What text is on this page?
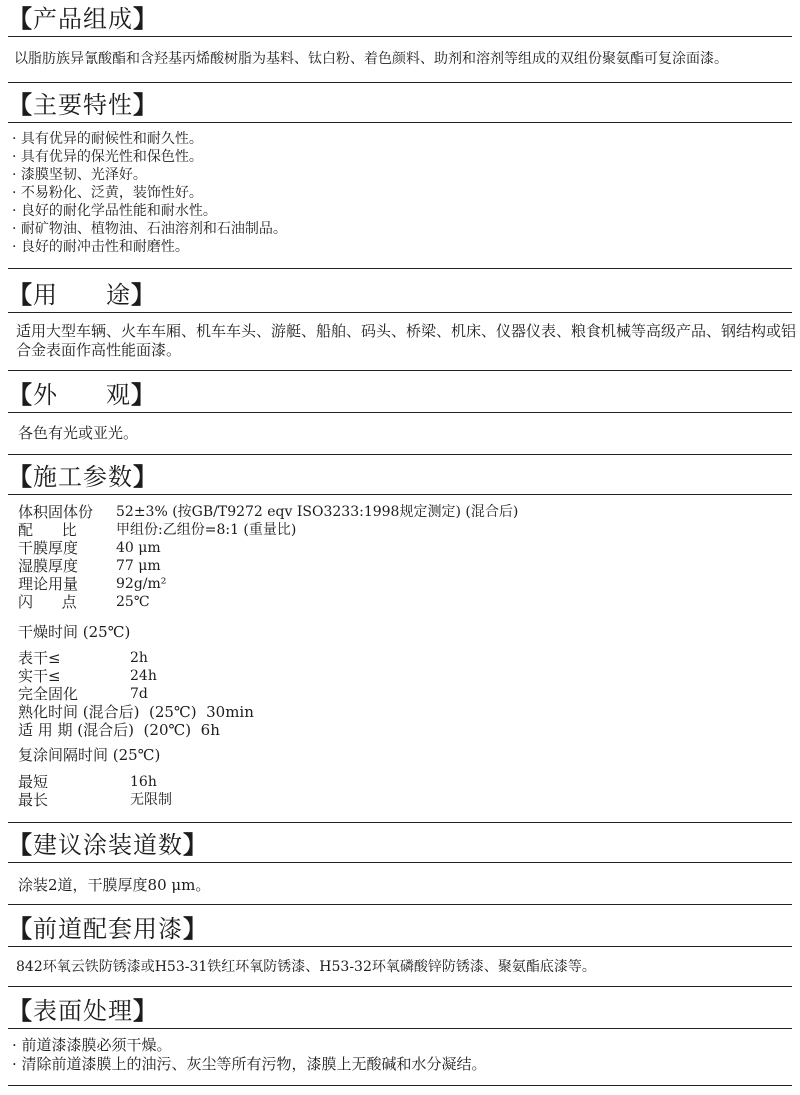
【产品组成】
以脂肪族异氰酸酯和含羟基丙烯酸树脂为基料、钛白粉、着色颜料、助剂和溶剂等组成的双组份聚氨酯可复涂面漆。
【主要特性】
· 具有优异的耐候性和耐久性。
· 具有优异的保光性和保色性。
· 漆膜坚韧、光泽好。
· 不易粉化、泛黄，装饰性好。
· 良好的耐化学品性能和耐水性。
· 耐矿物油、植物油、石油溶剂和石油制品。
· 良好的耐冲击性和耐磨性。
【用 途】
适用大型车辆、火车车厢、机车车头、游艇、船舶、码头、桥梁、机床、仪器仪表、粮食机械等高级产品、钢结构或铝合金表面作高性能面漆。
【外 观】
各色有光或亚光。
【施工参数】
体积固体份 52±3% (按GB/T9272 eqv ISO3233:1998规定测定) (混合后)
配      比	甲组份:乙组份=8:1 (重量比)
干膜厚度	40 μm
湿膜厚度	77 μm
理论用量	92g/m²
闪      点	25℃
干燥时间 (25℃)
表干≤	2h
实干≤	24h
完全固化	7d
熟化时间 (混合后)  (25℃)  30min
适 用 期 (混合后)  (20℃)  6h
复涂间隔时间 (25℃)
最短	16h
最长	无限制
【建议涂装道数】
涂装2道，干膜厚度80 μm。
【前道配套用漆】
842环氧云铁防锈漆或H53-31铁红环氧防锈漆、H53-32环氧磷酸锌防锈漆、聚氨酯底漆等。
【表面处理】
· 前道漆漆膜必须干燥。
· 清除前道漆膜上的油污、灰尘等所有污物，漆膜上无酸碱和水分凝结。
